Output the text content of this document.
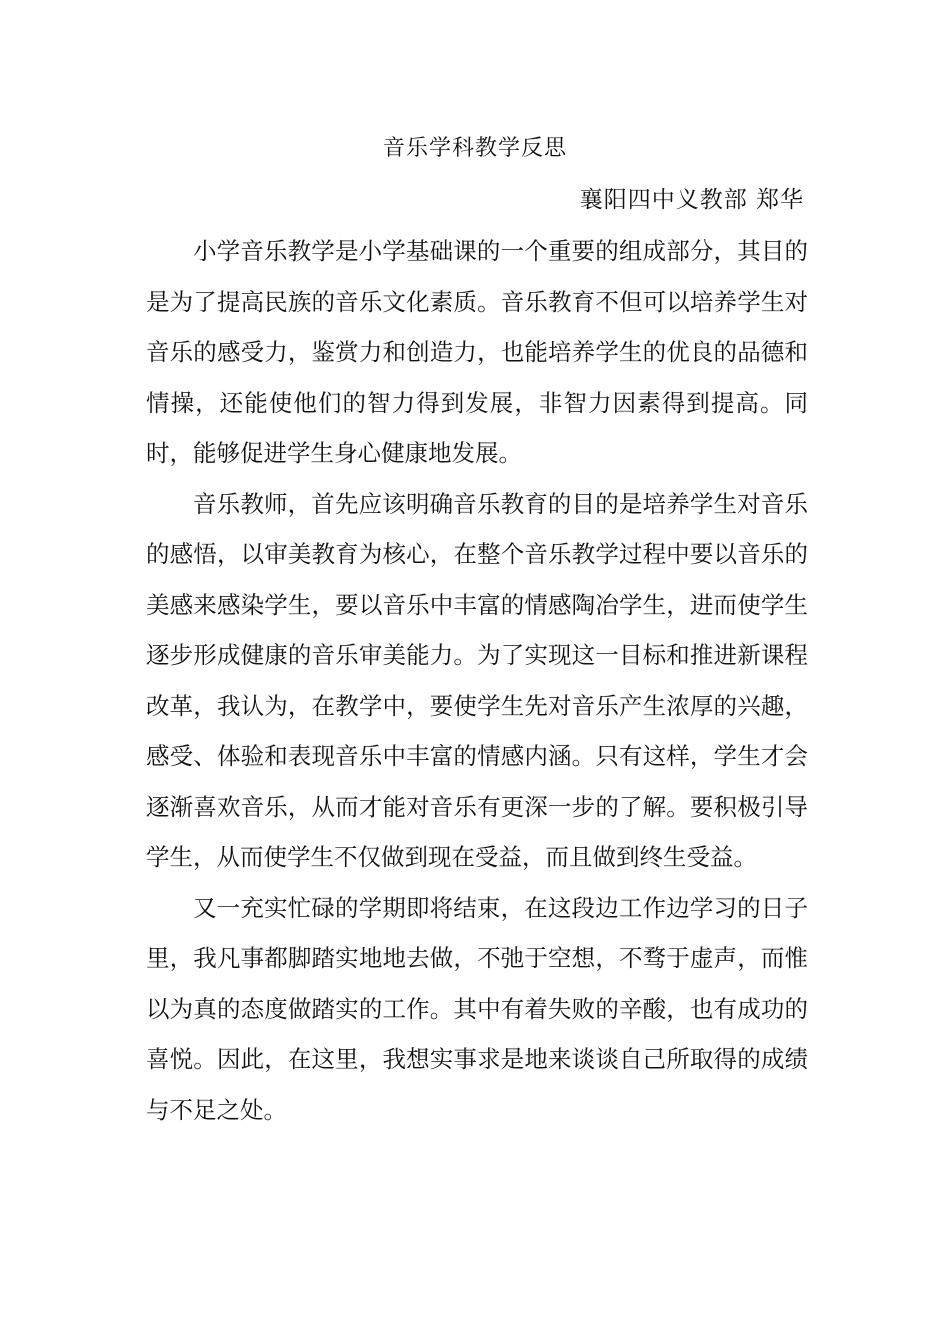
音乐学科教学反思
襄阳四中义教部 郑华

小学音乐教学是小学基础课的一个重要的组成部分，其目的是为了提高民族的音乐文化素质。音乐教育不但可以培养学生对音乐的感受力，鉴赏力和创造力，也能培养学生的优良的品德和情操，还能使他们的智力得到发展，非智力因素得到提高。同时，能够促进学生身心健康地发展。

音乐教师，首先应该明确音乐教育的目的是培养学生对音乐的感悟，以审美教育为核心，在整个音乐教学过程中要以音乐的美感来感染学生，要以音乐中丰富的情感陶冶学生，进而使学生逐步形成健康的音乐审美能力。为了实现这一目标和推进新课程改革，我认为，在教学中，要使学生先对音乐产生浓厚的兴趣，感受、体验和表现音乐中丰富的情感内涵。只有这样，学生才会逐渐喜欢音乐，从而才能对音乐有更深一步的了解。要积极引导学生，从而使学生不仅做到现在受益，而且做到终生受益。

又一充实忙碌的学期即将结束，在这段边工作边学习的日子里，我凡事都脚踏实地地去做，不弛于空想，不骛于虚声，而惟以为真的态度做踏实的工作。其中有着失败的辛酸，也有成功的喜悦。因此，在这里，我想实事求是地来谈谈自己所取得的成绩与不足之处。
